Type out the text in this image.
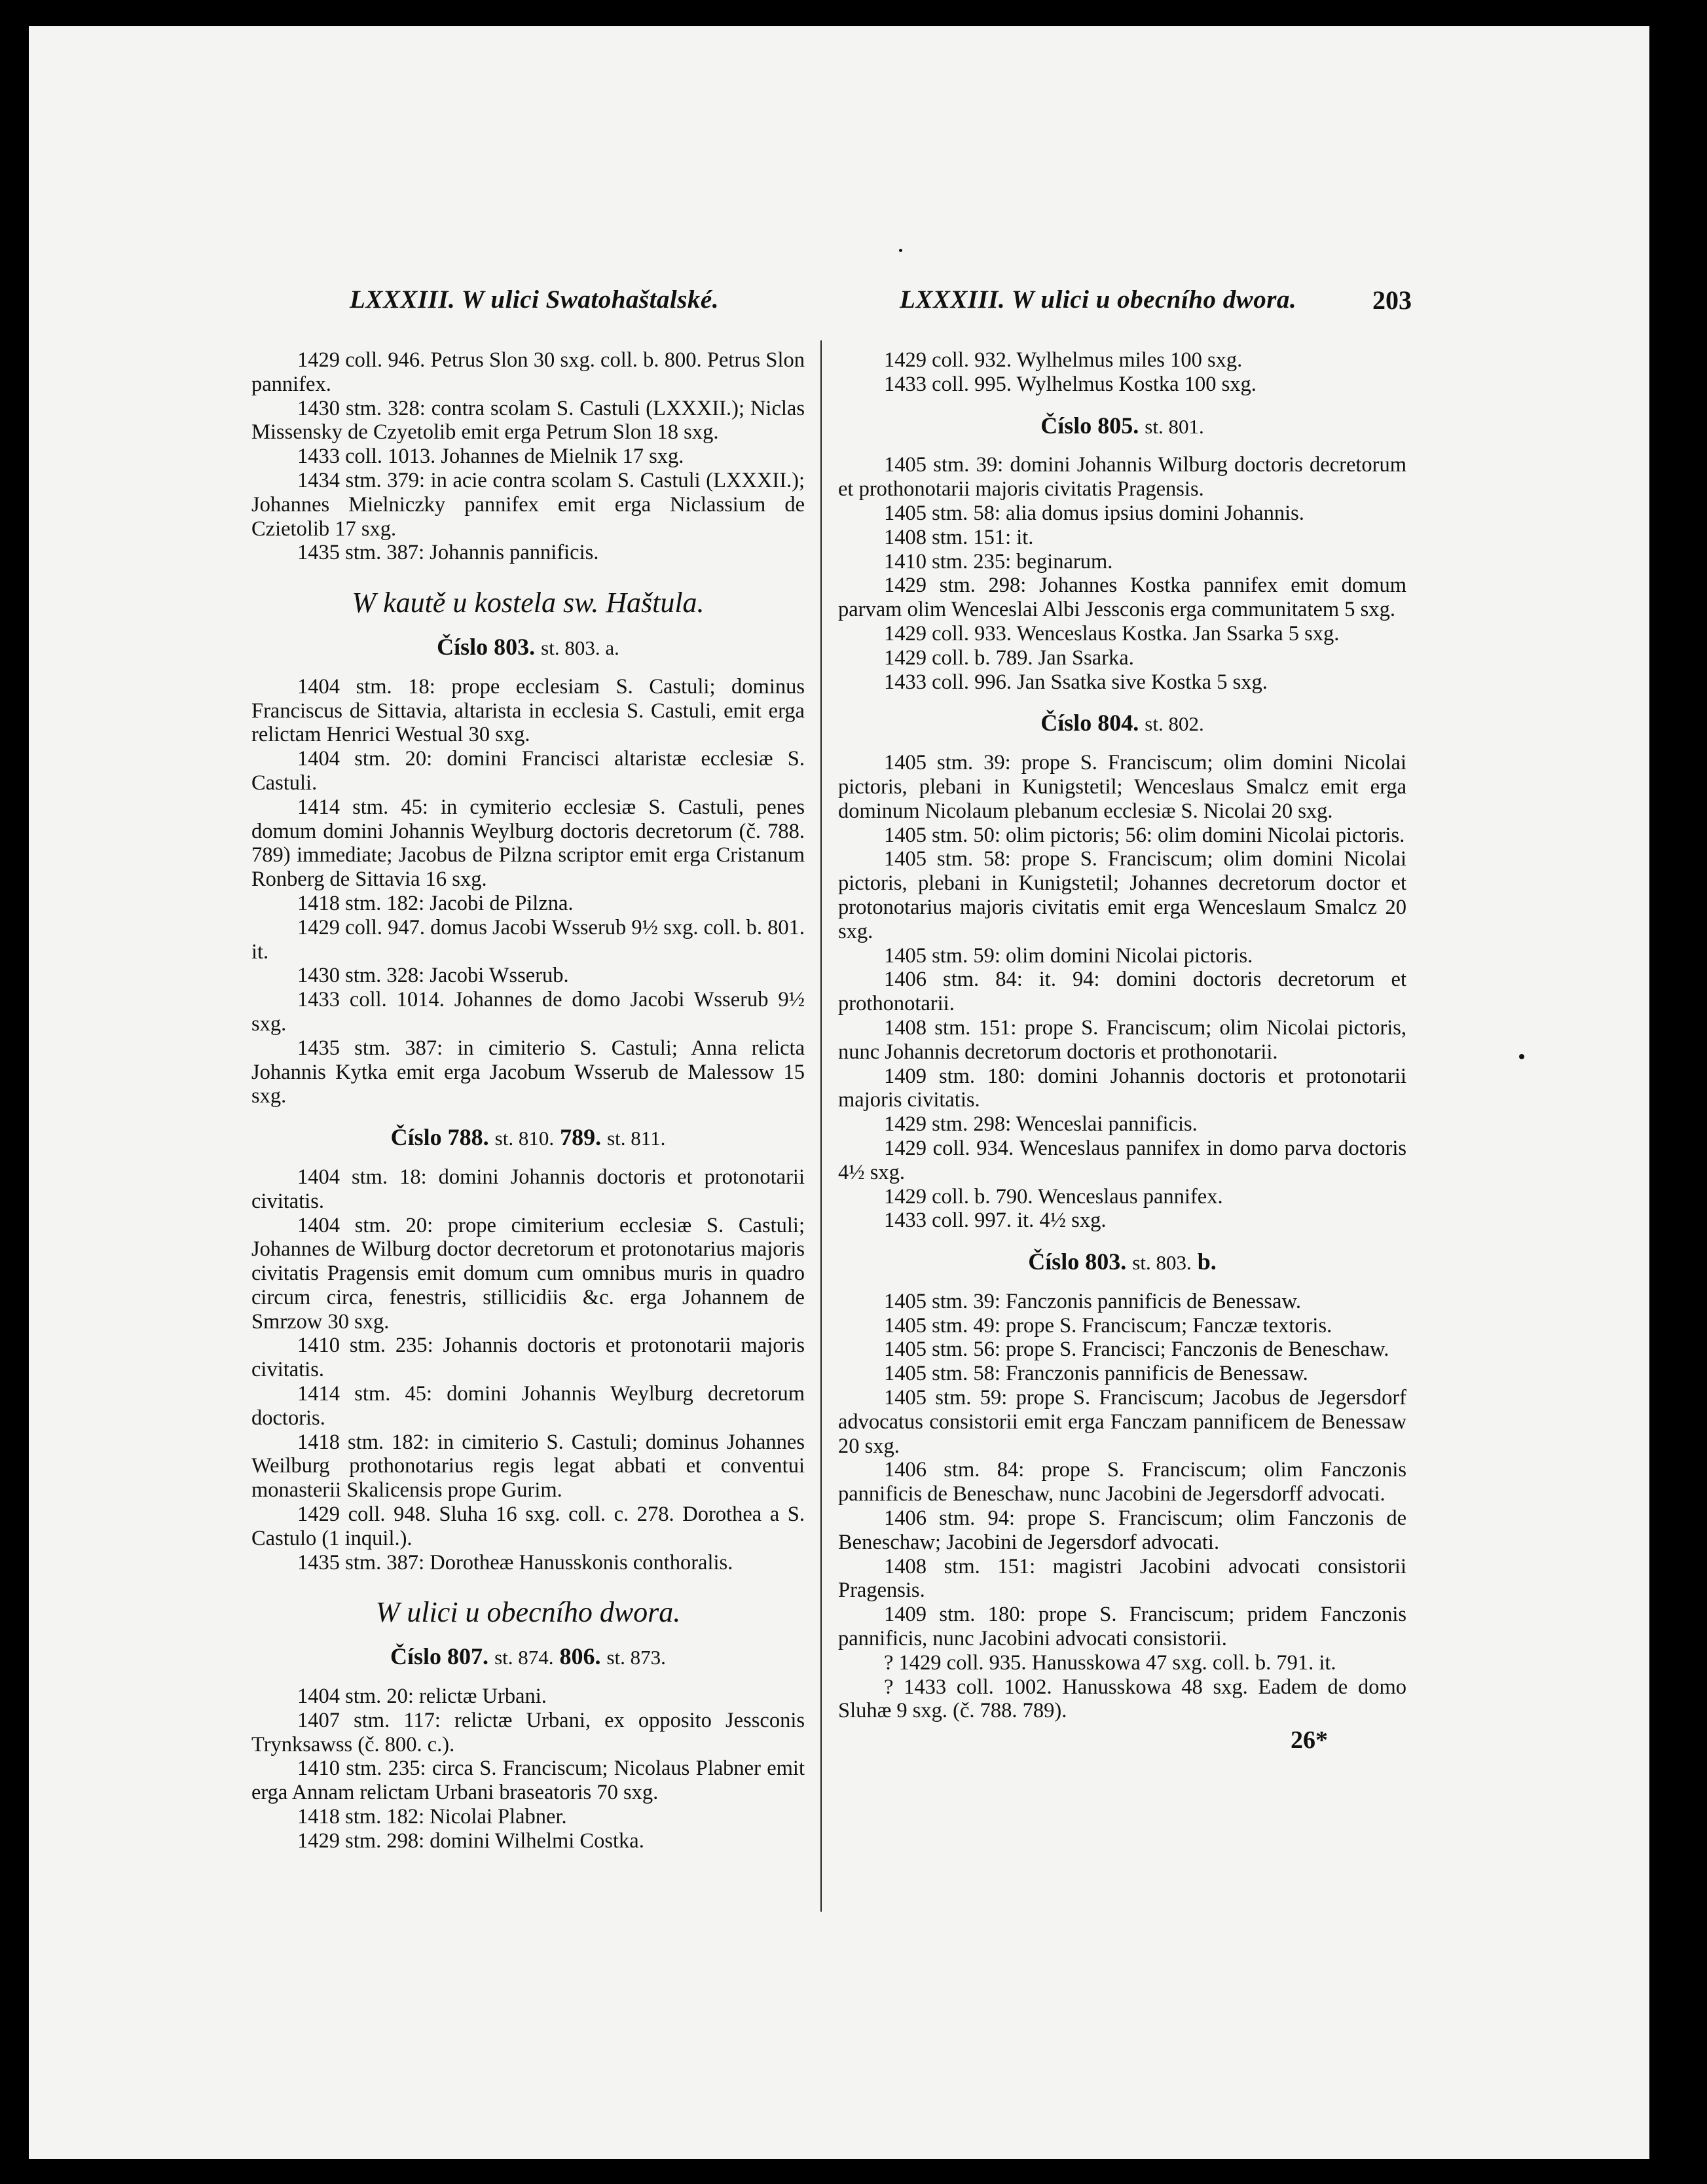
LXXXIII. W ulici Swatohaštalské.	LXXXIII. W ulici u obecního dwora.	203

1429 coll. 946. Petrus Slon 30 sxg. coll. b. 800. Petrus Slon pannifex.

1430 stm. 328: contra scolam S. Castuli (LXXXII.); Niclas Missensky de Czyetolib emit erga Petrum Slon 18 sxg.

1433 coll. 1013. Johannes de Mielnik 17 sxg.

1434 stm. 379: in acie contra scolam S. Castuli (LXXXII.); Johannes Mielniczky pannifex emit erga Niclassium de Czietolib 17 sxg.

1435 stm. 387: Johannis pannificis.

W kautě u kostela sw. Haštula.
Číslo 803. st. 803. a.

1404 stm. 18: prope ecclesiam S. Castuli; dominus Franciscus de Sittavia, altarista in ecclesia S. Castuli, emit erga relictam Henrici Westual 30 sxg.

1404 stm. 20: domini Francisci altaristæ ecclesiæ S. Castuli.

1414 stm. 45: in cymiterio ecclesiæ S. Castuli, penes domum domini Johannis Weylburg doctoris decretorum (č. 788. 789) immediate; Jacobus de Pilzna scriptor emit erga Cristanum Ronberg de Sittavia 16 sxg.

1418 stm. 182: Jacobi de Pilzna.

1429 coll. 947. domus Jacobi Wsserub 9½ sxg. coll. b. 801. it.

1430 stm. 328: Jacobi Wsserub.

1433 coll. 1014. Johannes de domo Jacobi Wsserub 9½ sxg.

1435 stm. 387: in cimiterio S. Castuli; Anna relicta Johannis Kytka emit erga Jacobum Wsserub de Malessow 15 sxg.

Číslo 788. st. 810. 789. st. 811.

1404 stm. 18: domini Johannis doctoris et protonotarii civitatis.

1404 stm. 20: prope cimiterium ecclesiæ S. Castuli; Johannes de Wilburg doctor decretorum et protonotarius majoris civitatis Pragensis emit domum cum omnibus muris in quadro circum circa, fenestris, stillicidiis &c. erga Johannem de Smrzow 30 sxg.

1410 stm. 235: Johannis doctoris et protonotarii majoris civitatis.

1414 stm. 45: domini Johannis Weylburg decretorum doctoris.

1418 stm. 182: in cimiterio S. Castuli; dominus Johannes Weilburg prothonotarius regis legat abbati et conventui monasterii Skalicensis prope Gurim.

1429 coll. 948. Sluha 16 sxg. coll. c. 278. Dorothea a S. Castulo (1 inquil.).

1435 stm. 387: Dorotheæ Hanusskonis conthoralis.

W ulici u obecního dwora.
Číslo 807. st. 874. 806. st. 873.

1404 stm. 20: relictæ Urbani.

1407 stm. 117: relictæ Urbani, ex opposito Jessconis Trynksawss (č. 800. c.).

1410 stm. 235: circa S. Franciscum; Nicolaus Plabner emit erga Annam relictam Urbani braseatoris 70 sxg.

1418 stm. 182: Nicolai Plabner.

1429 stm. 298: domini Wilhelmi Costka.

1429 coll. 932. Wylhelmus miles 100 sxg.

1433 coll. 995. Wylhelmus Kostka 100 sxg.

Číslo 805. st. 801.

1405 stm. 39: domini Johannis Wilburg doctoris decretorum et prothonotarii majoris civitatis Pragensis.

1405 stm. 58: alia domus ipsius domini Johannis.

1408 stm. 151: it.

1410 stm. 235: beginarum.

1429 stm. 298: Johannes Kostka pannifex emit domum parvam olim Wenceslai Albi Jessconis erga communitatem 5 sxg.

1429 coll. 933. Wenceslaus Kostka. Jan Ssarka 5 sxg.

1429 coll. b. 789. Jan Ssarka.

1433 coll. 996. Jan Ssatka sive Kostka 5 sxg.

Číslo 804. st. 802.

1405 stm. 39: prope S. Franciscum; olim domini Nicolai pictoris, plebani in Kunigstetil; Wenceslaus Smalcz emit erga dominum Nicolaum plebanum ecclesiæ S. Nicolai 20 sxg.

1405 stm. 50: olim pictoris; 56: olim domini Nicolai pictoris.

1405 stm. 58: prope S. Franciscum; olim domini Nicolai pictoris, plebani in Kunigstetil; Johannes decretorum doctor et protonotarius majoris civitatis emit erga Wenceslaum Smalcz 20 sxg.

1405 stm. 59: olim domini Nicolai pictoris.

1406 stm. 84: it. 94: domini doctoris decretorum et prothonotarii.

1408 stm. 151: prope S. Franciscum; olim Nicolai pictoris, nunc Johannis decretorum doctoris et prothonotarii.

1409 stm. 180: domini Johannis doctoris et protonotarii majoris civitatis.

1429 stm. 298: Wenceslai pannificis.

1429 coll. 934. Wenceslaus pannifex in domo parva doctoris 4½ sxg.

1429 coll. b. 790. Wenceslaus pannifex.

1433 coll. 997. it. 4½ sxg.

Číslo 803. st. 803. b.

1405 stm. 39: Fanczonis pannificis de Benessaw.

1405 stm. 49: prope S. Franciscum; Fanczæ textoris.

1405 stm. 56: prope S. Francisci; Fanczonis de Beneschaw.

1405 stm. 58: Franczonis pannificis de Benessaw.

1405 stm. 59: prope S. Franciscum; Jacobus de Jegersdorf advocatus consistorii emit erga Fanczam pannificem de Benessaw 20 sxg.

1406 stm. 84: prope S. Franciscum; olim Fanczonis pannificis de Beneschaw, nunc Jacobini de Jegersdorff advocati.

1406 stm. 94: prope S. Franciscum; olim Fanczonis de Beneschaw; Jacobini de Jegersdorf advocati.

1408 stm. 151: magistri Jacobini advocati consistorii Pragensis.

1409 stm. 180: prope S. Franciscum; pridem Fanczonis pannificis, nunc Jacobini advocati consistorii.

? 1429 coll. 935. Hanusskowa 47 sxg. coll. b. 791. it.

? 1433 coll. 1002. Hanusskowa 48 sxg. Eadem de domo Sluhæ 9 sxg. (č. 788. 789).

26*
